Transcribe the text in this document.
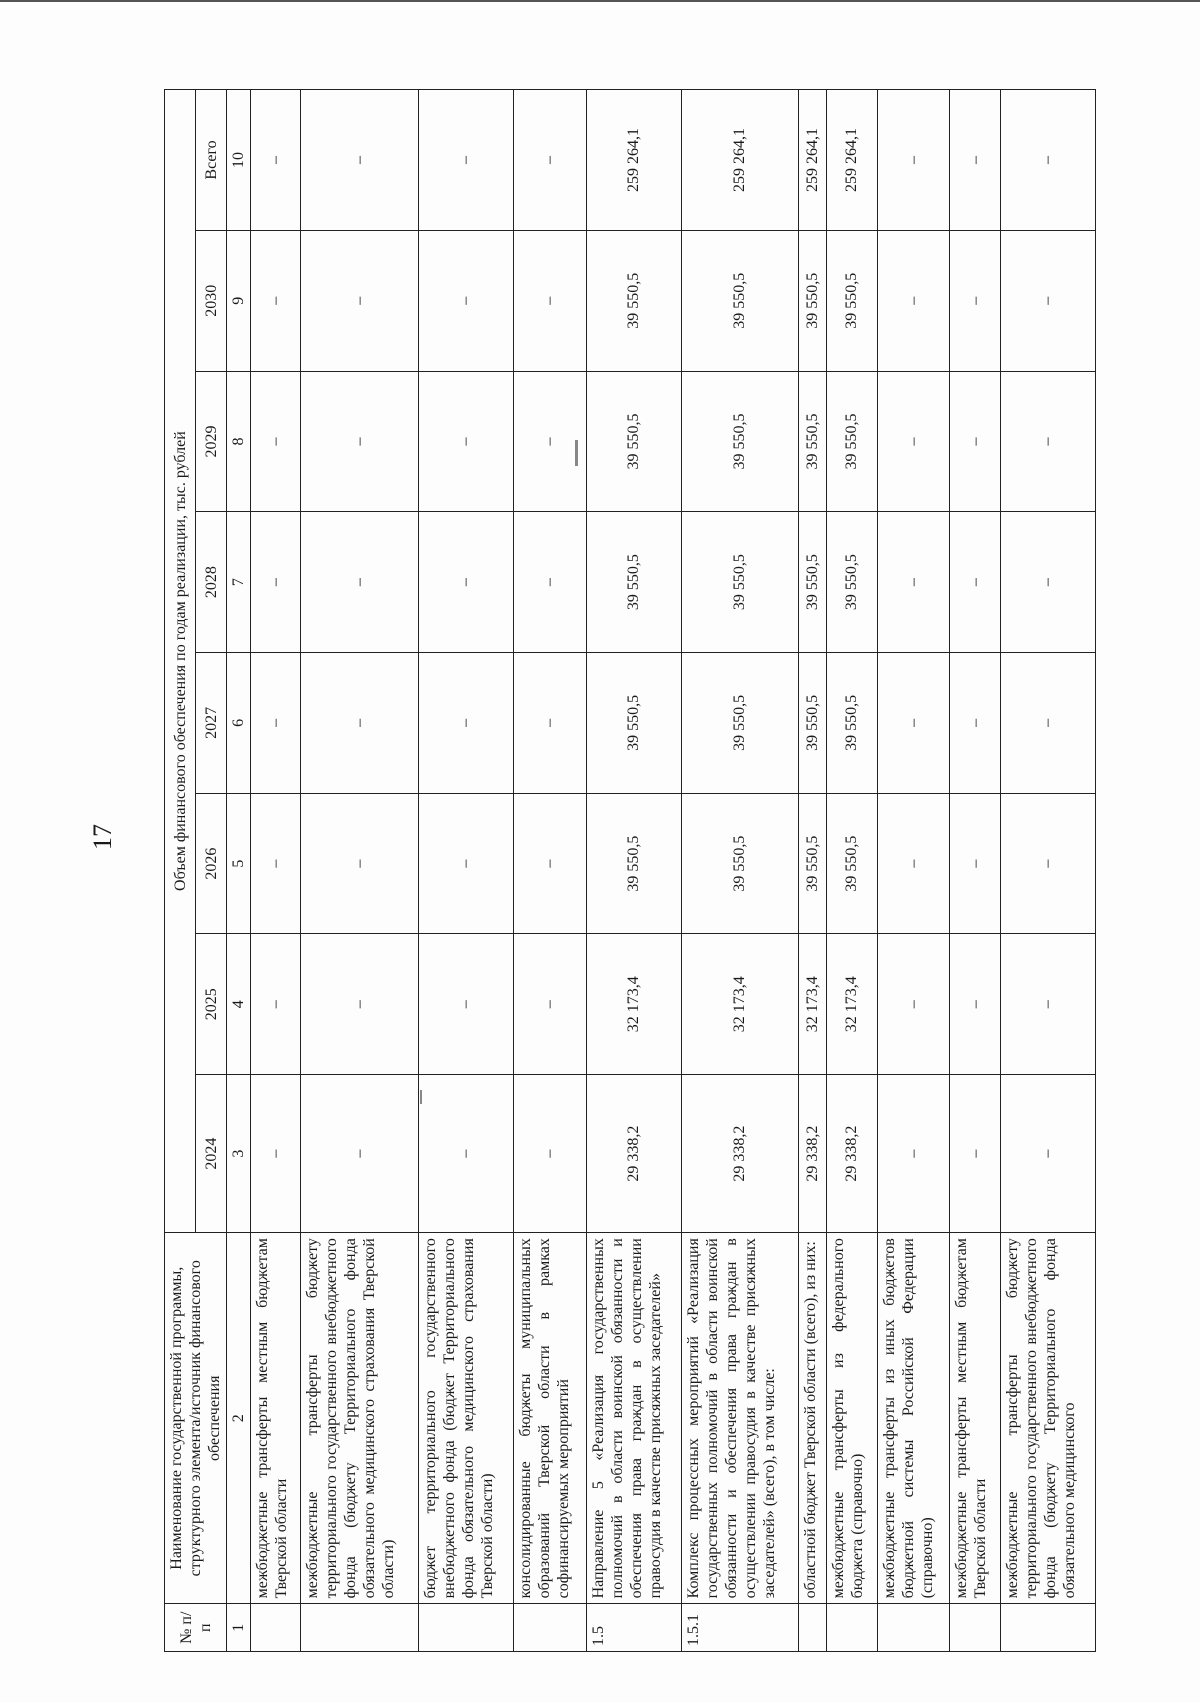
17
№ п/п	Наименование государственной программы, структурного элемента/источник финансового обеспечения	Объем финансового обеспечения по годам реализации, тыс. рублей							
		2024	2025	2026	2027	2028	2029	2030	Всего
1	2	3	4	5	6	7	8	9	10
	межбюджетные трансферты местным бюджетам Тверской области	–	–	–	–	–	–	–	–
	межбюджетные трансферты бюджету территориального государственного внебюджетного фонда (бюджету Территориального фонда обязательного медицинского страхования Тверской области)	–	–	–	–	–	–	–	–
	бюджет территориального государственного внебюджетного фонда (бюджет Территориального фонда обязательного медицинского страхования Тверской области)	–	–	–	–	–	–	–	–
	консолидированные бюджеты муниципальных образований Тверской области в рамках софинансируемых мероприятий	–	–	–	–	–	–	–	–
1.5	Направление 5 «Реализация государственных полномочий в области воинской обязанности и обеспечения права граждан в осуществлении правосудия в качестве присяжных заседателей»	29 338,2	32 173,4	39 550,5	39 550,5	39 550,5	39 550,5	39 550,5	259 264,1
1.5.1	Комплекс процессных мероприятий «Реализация государственных полномочий в области воинской обязанности и обеспечения права граждан в осуществлении правосудия в качестве присяжных заседателей» (всего), в том числе:	29 338,2	32 173,4	39 550,5	39 550,5	39 550,5	39 550,5	39 550,5	259 264,1
	областной бюджет Тверской области (всего), из них:	29 338,2	32 173,4	39 550,5	39 550,5	39 550,5	39 550,5	39 550,5	259 264,1
	межбюджетные трансферты из федерального бюджета (справочно)	29 338,2	32 173,4	39 550,5	39 550,5	39 550,5	39 550,5	39 550,5	259 264,1
	межбюджетные трансферты из иных бюджетов бюджетной системы Российской Федерации (справочно)	–	–	–	–	–	–	–	–
	межбюджетные трансферты местным бюджетам Тверской области	–	–	–	–	–	–	–	–
	межбюджетные трансферты бюджету территориального государственного внебюджетного фонда (бюджету Территориального фонда обязательного медицинского	–	–	–	–	–	–	–	–
